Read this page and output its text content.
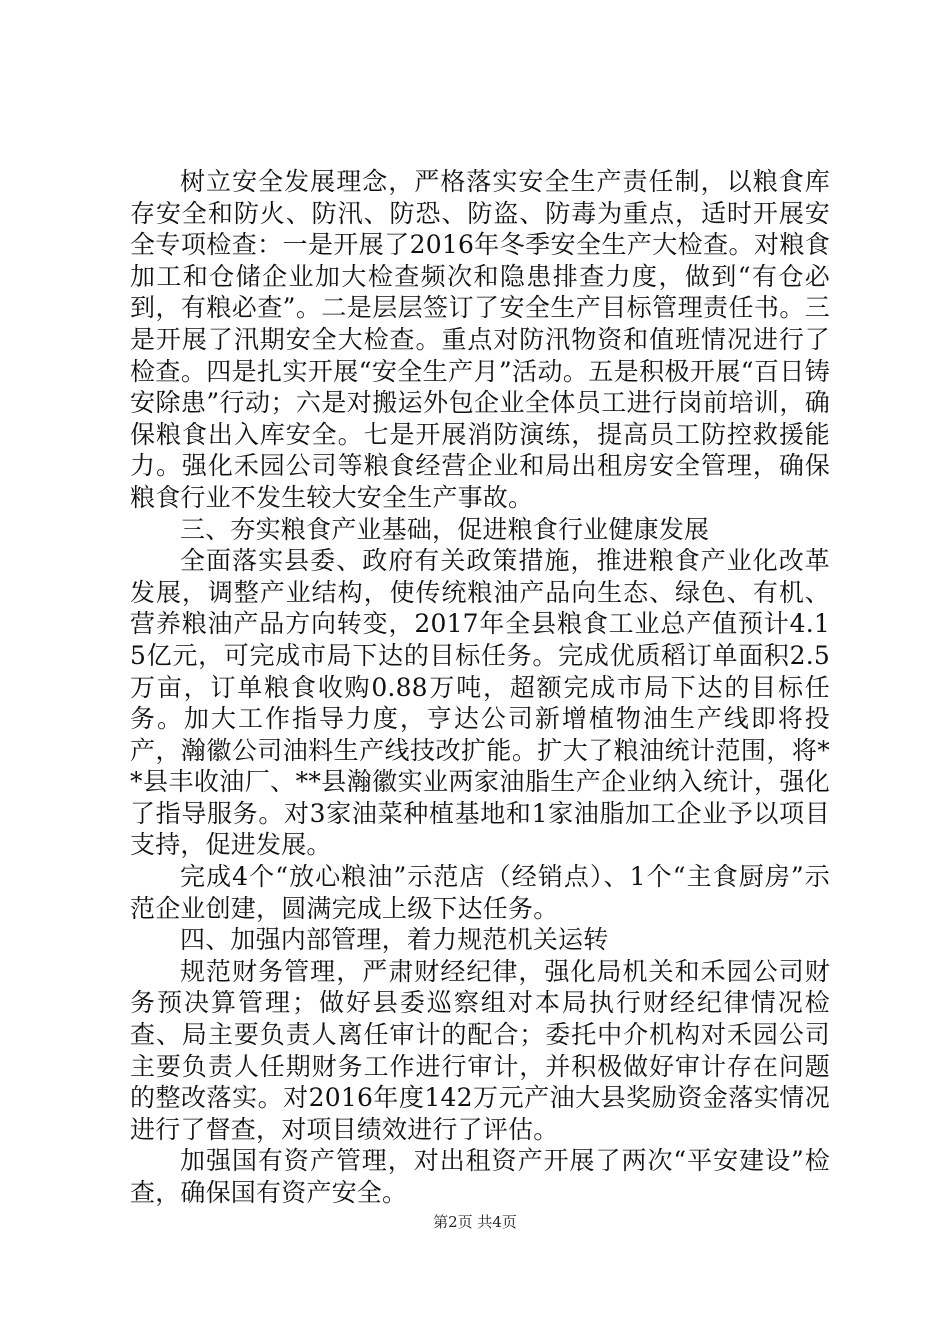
树立安全发展理念，严格落实安全生产责任制，以粮食库存安全和防火、防汛、防恐、防盗、防毒为重点，适时开展安全专项检查：一是开展了2016年冬季安全生产大检查。对粮食加工和仓储企业加大检查频次和隐患排查力度，做到“有仓必到，有粮必查”。二是层层签订了安全生产目标管理责任书。三是开展了汛期安全大检查。重点对防汛物资和值班情况进行了检查。四是扎实开展“安全生产月”活动。五是积极开展“百日铸安除患”行动；六是对搬运外包企业全体员工进行岗前培训，确保粮食出入库安全。七是开展消防演练，提高员工防控救援能力。强化禾园公司等粮食经营企业和局出租房安全管理，确保粮食行业不发生较大安全生产事故。

三、夯实粮食产业基础，促进粮食行业健康发展

全面落实县委、政府有关政策措施，推进粮食产业化改革发展，调整产业结构，使传统粮油产品向生态、绿色、有机、营养粮油产品方向转变，2017年全县粮食工业总产值预计4.15亿元，可完成市局下达的目标任务。完成优质稻订单面积2.5万亩，订单粮食收购0.88万吨，超额完成市局下达的目标任务。加大工作指导力度，亨达公司新增植物油生产线即将投产，瀚徽公司油料生产线技改扩能。扩大了粮油统计范围，将**县丰收油厂、**县瀚徽实业两家油脂生产企业纳入统计，强化了指导服务。对3家油菜种植基地和1家油脂加工企业予以项目支持，促进发展。

完成4个“放心粮油”示范店（经销点）、1个“主食厨房”示范企业创建，圆满完成上级下达任务。

四、加强内部管理，着力规范机关运转

规范财务管理，严肃财经纪律，强化局机关和禾园公司财务预决算管理；做好县委巡察组对本局执行财经纪律情况检查、局主要负责人离任审计的配合；委托中介机构对禾园公司主要负责人任期财务工作进行审计，并积极做好审计存在问题的整改落实。对2016年度142万元产油大县奖励资金落实情况进行了督查，对项目绩效进行了评估。

加强国有资产管理，对出租资产开展了两次“平安建设”检查，确保国有资产安全。

第2页 共4页
